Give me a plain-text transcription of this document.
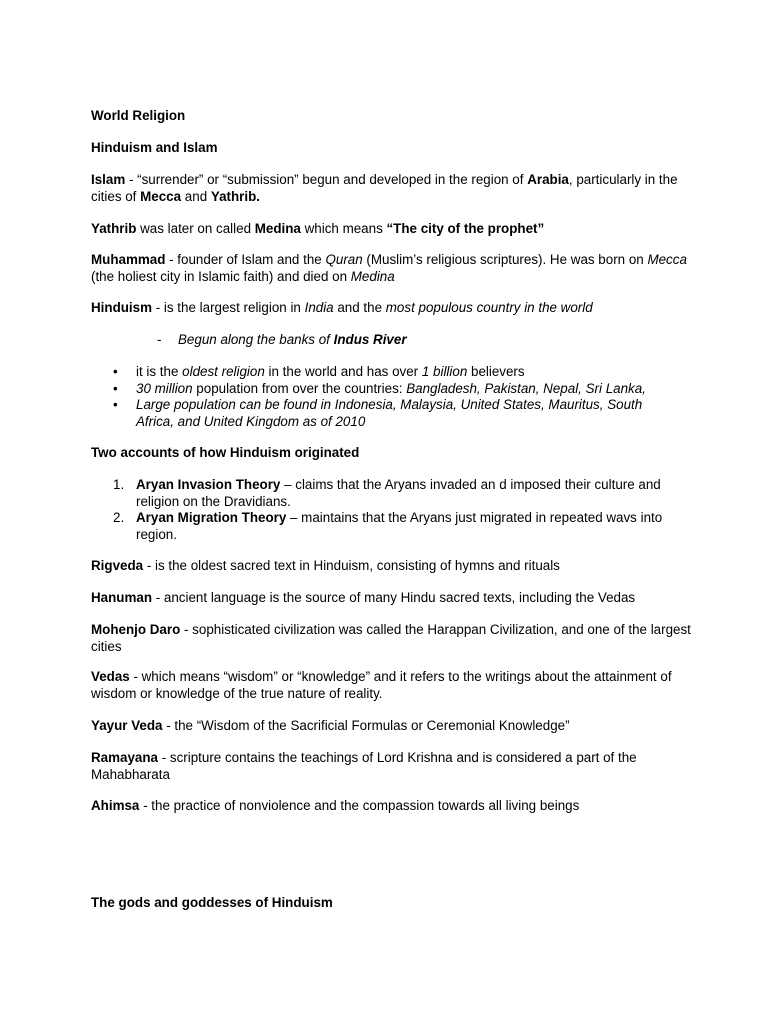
World Religion

Hinduism and Islam

Islam - “surrender” or “submission” begun and developed in the region of Arabia, particularly in the cities of Mecca and Yathrib.

Yathrib was later on called Medina which means “The city of the prophet”

Muhammad - founder of Islam and the Quran (Muslim’s religious scriptures). He was born on Mecca (the holiest city in Islamic faith) and died on Medina

Hinduism - is the largest religion in India and the most populous country in the world

- Begun along the banks of Indus River
•	it is the oldest religion in the world and has over 1 billion believers
•	30 million population from over the countries: Bangladesh, Pakistan, Nepal, Sri Lanka,
•	Large population can be found in Indonesia, Malaysia, United States, Mauritus, South Africa, and United Kingdom as of 2010

Two accounts of how Hinduism originated

1. Aryan Invasion Theory – claims that the Aryans invaded an d imposed their culture and religion on the Dravidians.
2. Aryan Migration Theory – maintains that the Aryans just migrated in repeated wavs into region.

Rigveda - is the oldest sacred text in Hinduism, consisting of hymns and rituals

Hanuman - ancient language is the source of many Hindu sacred texts, including the Vedas

Mohenjo Daro - sophisticated civilization was called the Harappan Civilization, and one of the largest cities

Vedas - which means “wisdom” or “knowledge” and it refers to the writings about the attainment of wisdom or knowledge of the true nature of reality.

Yayur Veda - the “Wisdom of the Sacrificial Formulas or Ceremonial Knowledge”

Ramayana - scripture contains the teachings of Lord Krishna and is considered a part of the Mahabharata

Ahimsa - the practice of nonviolence and the compassion towards all living beings

The gods and goddesses of Hinduism
